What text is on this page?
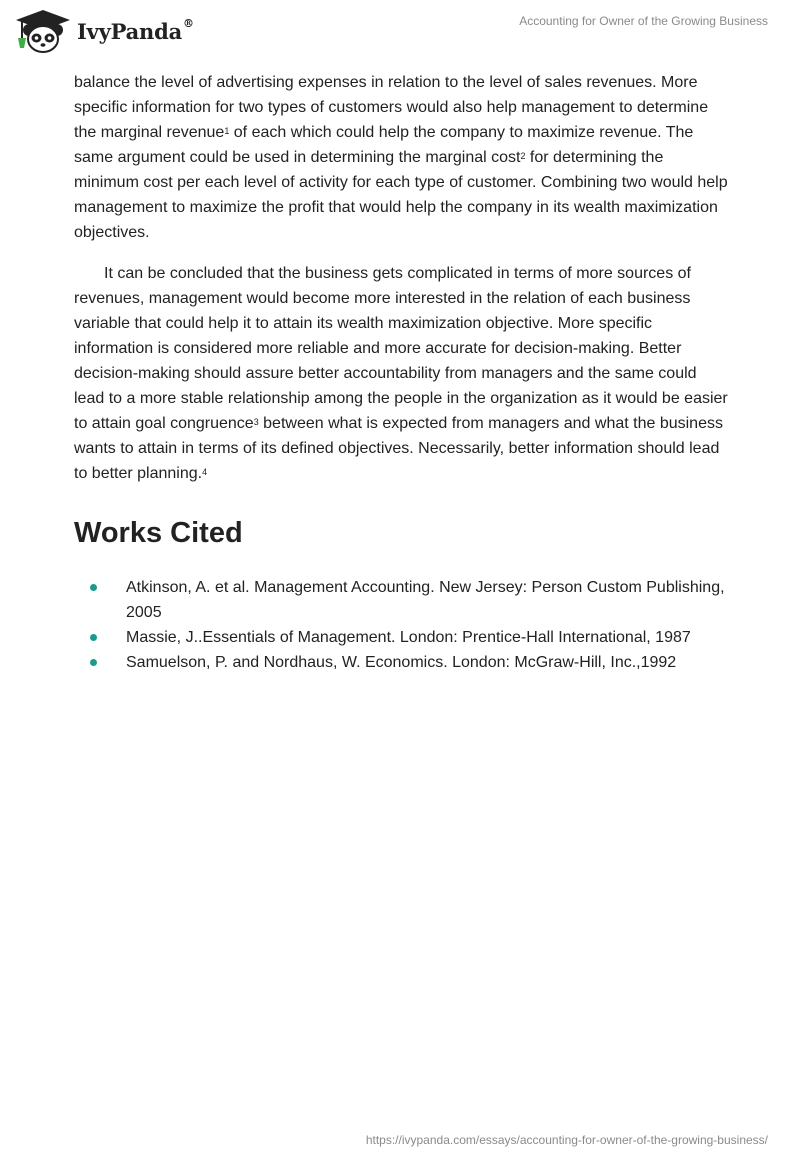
IvyPanda®	Accounting for Owner of the Growing Business

balance the level of advertising expenses in relation to the level of sales revenues. More specific information for two types of customers would also help management to determine the marginal revenue$^1$ of each which could help the company to maximize revenue. The same argument could be used in determining the marginal cost$^2$ for determining the minimum cost per each level of activity for each type of customer. Combining two would help management to maximize the profit that would help the company in its wealth maximization objectives.

It can be concluded that the business gets complicated in terms of more sources of revenues, management would become more interested in the relation of each business variable that could help it to attain its wealth maximization objective. More specific information is considered more reliable and more accurate for decision-making. Better decision-making should assure better accountability from managers and the same could lead to a more stable relationship among the people in the organization as it would be easier to attain goal congruence$^3$ between what is expected from managers and what the business wants to attain in terms of its defined objectives. Necessarily, better information should lead to better planning.$^4$

Works Cited
Atkinson, A. et al. Management Accounting. New Jersey: Person Custom Publishing, 2005
Massie, J..Essentials of Management. London: Prentice-Hall International, 1987
Samuelson, P. and Nordhaus, W. Economics. London: McGraw-Hill, Inc.,1992
https://ivypanda.com/essays/accounting-for-owner-of-the-growing-business/
